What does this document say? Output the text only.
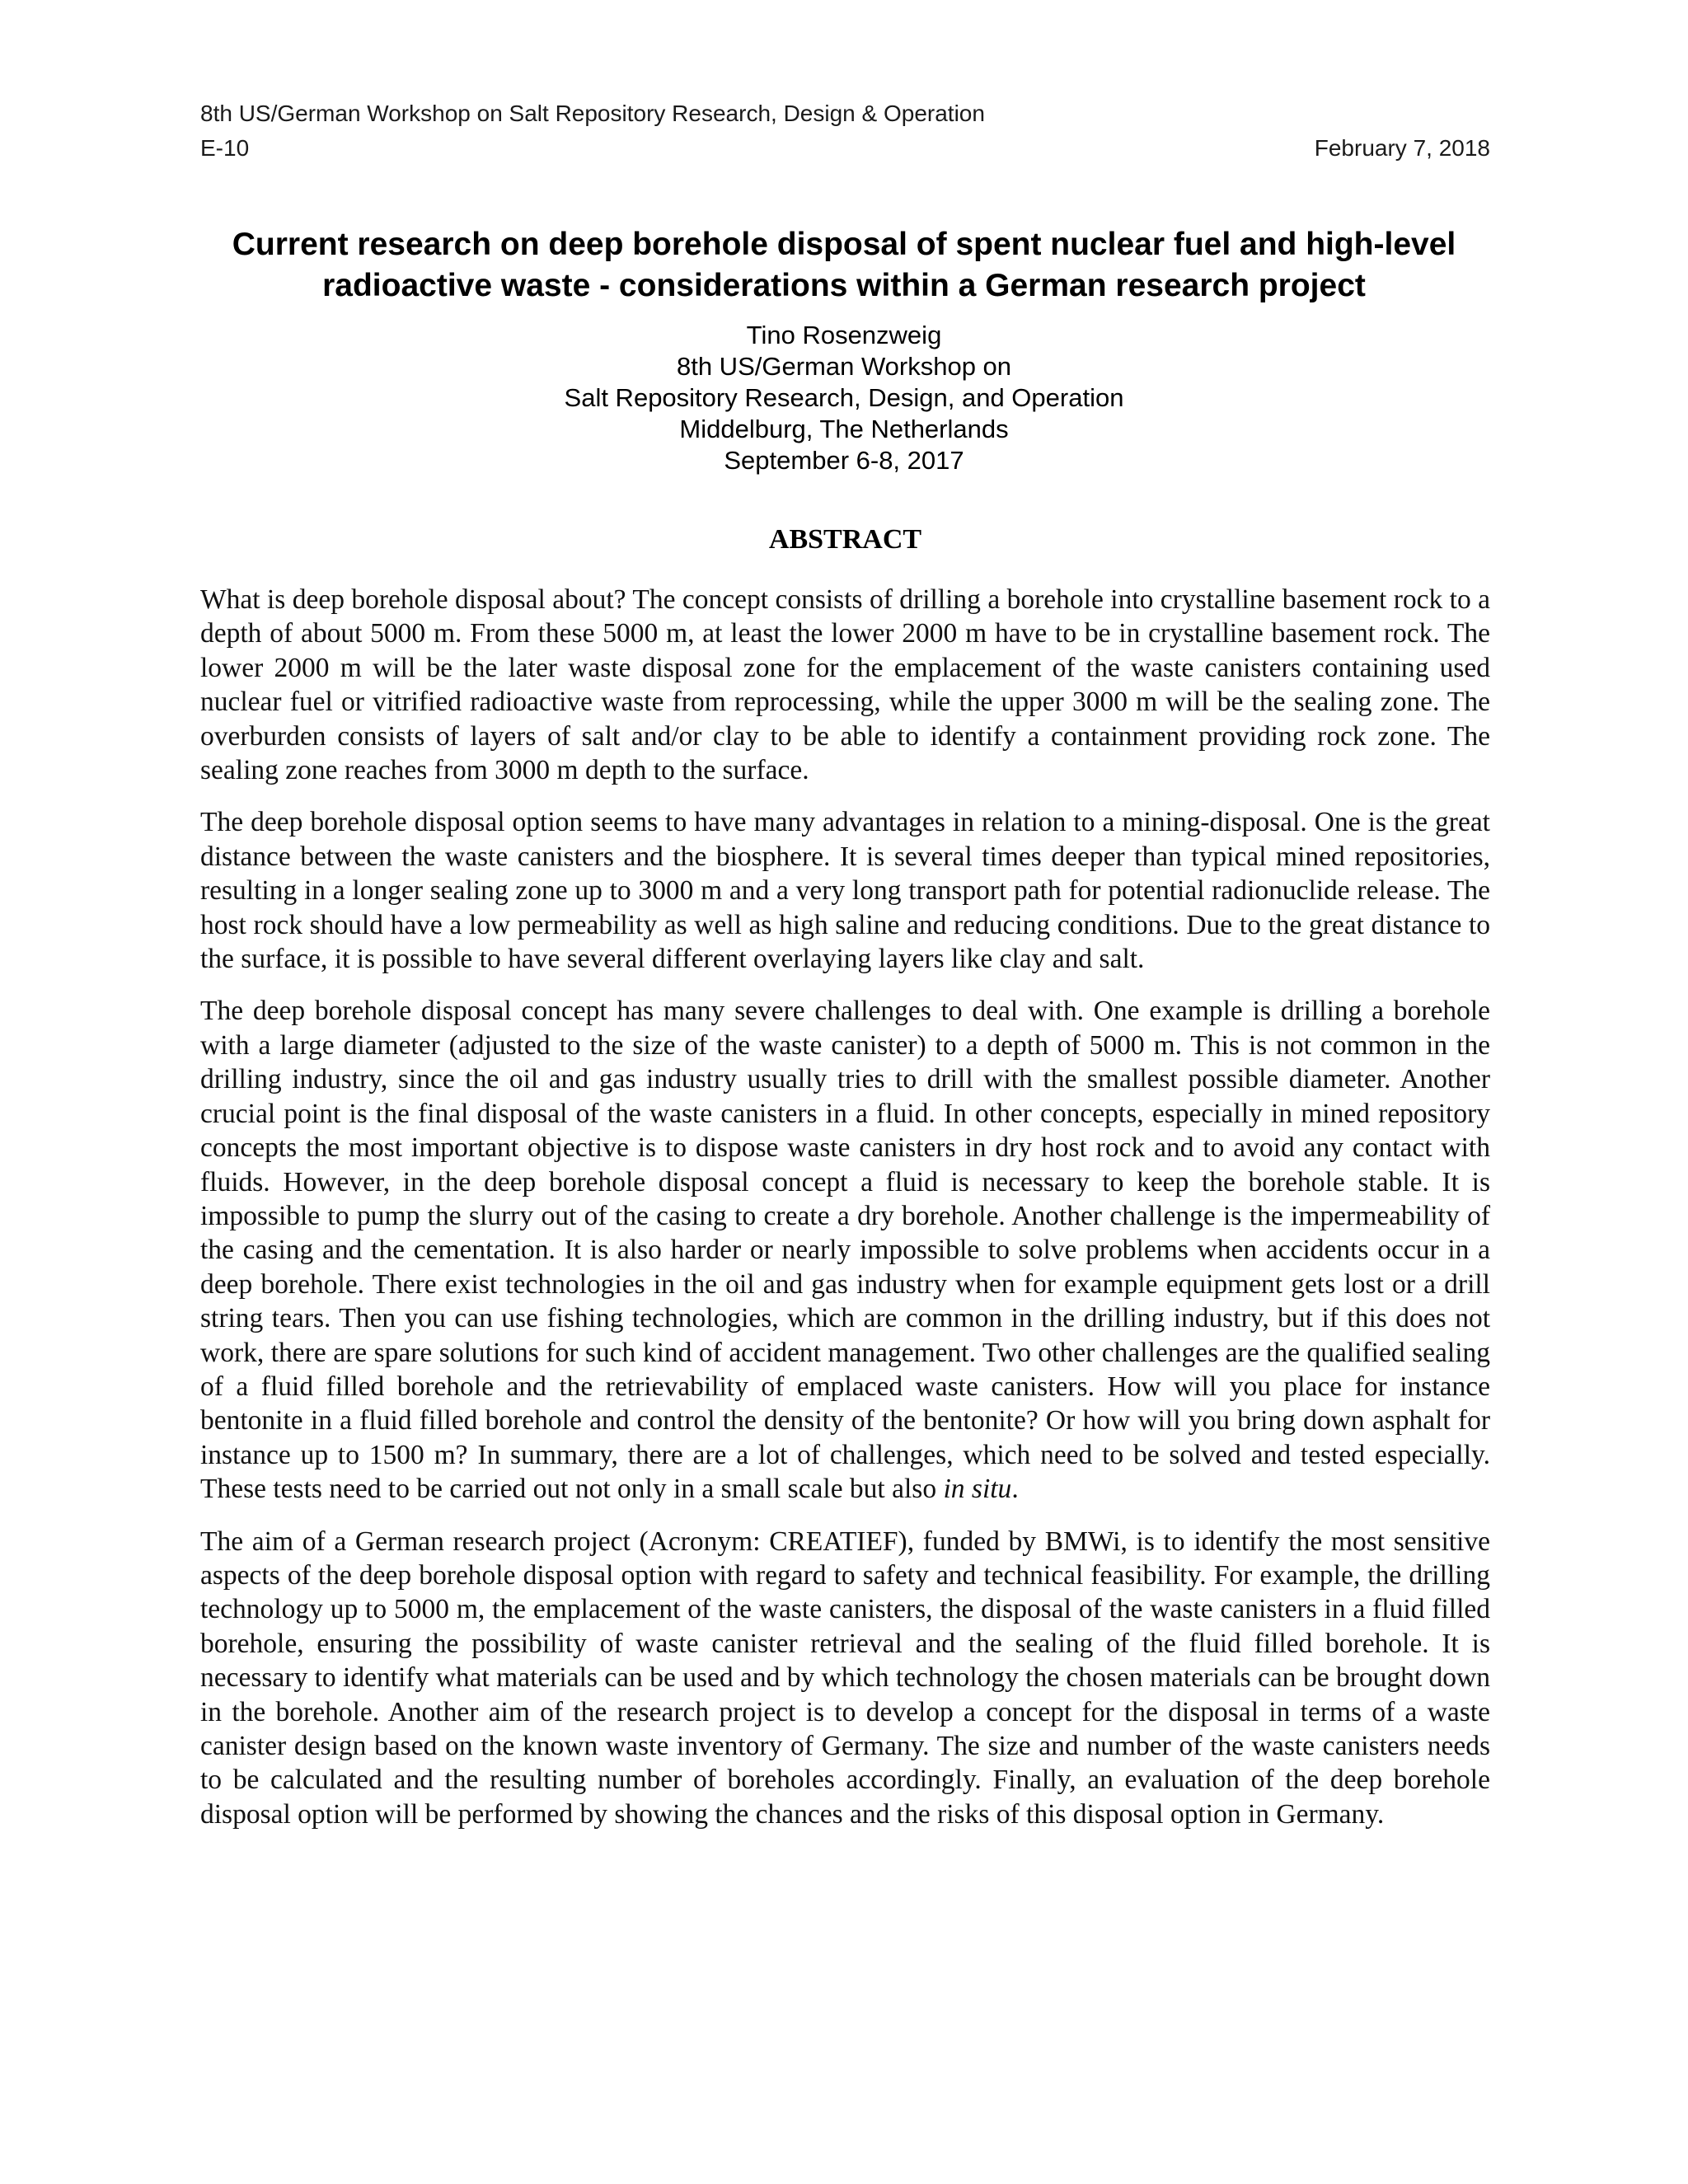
8th US/German Workshop on Salt Repository Research, Design & Operation
E-10	February 7, 2018
Current research on deep borehole disposal of spent nuclear fuel and high-level
radioactive waste - considerations within a German research project
Tino Rosenzweig
8th US/German Workshop on
Salt Repository Research, Design, and Operation
Middelburg, The Netherlands
September 6-8, 2017
ABSTRACT

What is deep borehole disposal about? The concept consists of drilling a borehole into crystalline basement rock to a depth of about 5000 m. From these 5000 m, at least the lower 2000 m have to be in crystalline basement rock. The lower 2000 m will be the later waste disposal zone for the emplacement of the waste canisters containing used nuclear fuel or vitrified radioactive waste from reprocessing, while the upper 3000 m will be the sealing zone. The overburden consists of layers of salt and/or clay to be able to identify a containment providing rock zone. The sealing zone reaches from 3000 m depth to the surface.

The deep borehole disposal option seems to have many advantages in relation to a mining-disposal. One is the great distance between the waste canisters and the biosphere. It is several times deeper than typical mined repositories, resulting in a longer sealing zone up to 3000 m and a very long transport path for potential radionuclide release. The host rock should have a low permeability as well as high saline and reducing conditions. Due to the great distance to the surface, it is possible to have several different overlaying layers like clay and salt.

The deep borehole disposal concept has many severe challenges to deal with. One example is drilling a borehole with a large diameter (adjusted to the size of the waste canister) to a depth of 5000 m. This is not common in the drilling industry, since the oil and gas industry usually tries to drill with the smallest possible diameter. Another crucial point is the final disposal of the waste canisters in a fluid. In other concepts, especially in mined repository concepts the most important objective is to dispose waste canisters in dry host rock and to avoid any contact with fluids. However, in the deep borehole disposal concept a fluid is necessary to keep the borehole stable. It is impossible to pump the slurry out of the casing to create a dry borehole. Another challenge is the impermeability of the casing and the cementation. It is also harder or nearly impossible to solve problems when accidents occur in a deep borehole. There exist technologies in the oil and gas industry when for example equipment gets lost or a drill string tears. Then you can use fishing technologies, which are common in the drilling industry, but if this does not work, there are spare solutions for such kind of accident management. Two other challenges are the qualified sealing of a fluid filled borehole and the retrievability of emplaced waste canisters. How will you place for instance bentonite in a fluid filled borehole and control the density of the bentonite? Or how will you bring down asphalt for instance up to 1500 m? In summary, there are a lot of challenges, which need to be solved and tested especially. These tests need to be carried out not only in a small scale but also in situ.

The aim of a German research project (Acronym: CREATIEF), funded by BMWi, is to identify the most sensitive aspects of the deep borehole disposal option with regard to safety and technical feasibility. For example, the drilling technology up to 5000 m, the emplacement of the waste canisters, the disposal of the waste canisters in a fluid filled borehole, ensuring the possibility of waste canister retrieval and the sealing of the fluid filled borehole. It is necessary to identify what materials can be used and by which technology the chosen materials can be brought down in the borehole. Another aim of the research project is to develop a concept for the disposal in terms of a waste canister design based on the known waste inventory of Germany. The size and number of the waste canisters needs to be calculated and the resulting number of boreholes accordingly. Finally, an evaluation of the deep borehole disposal option will be performed by showing the chances and the risks of this disposal option in Germany.
